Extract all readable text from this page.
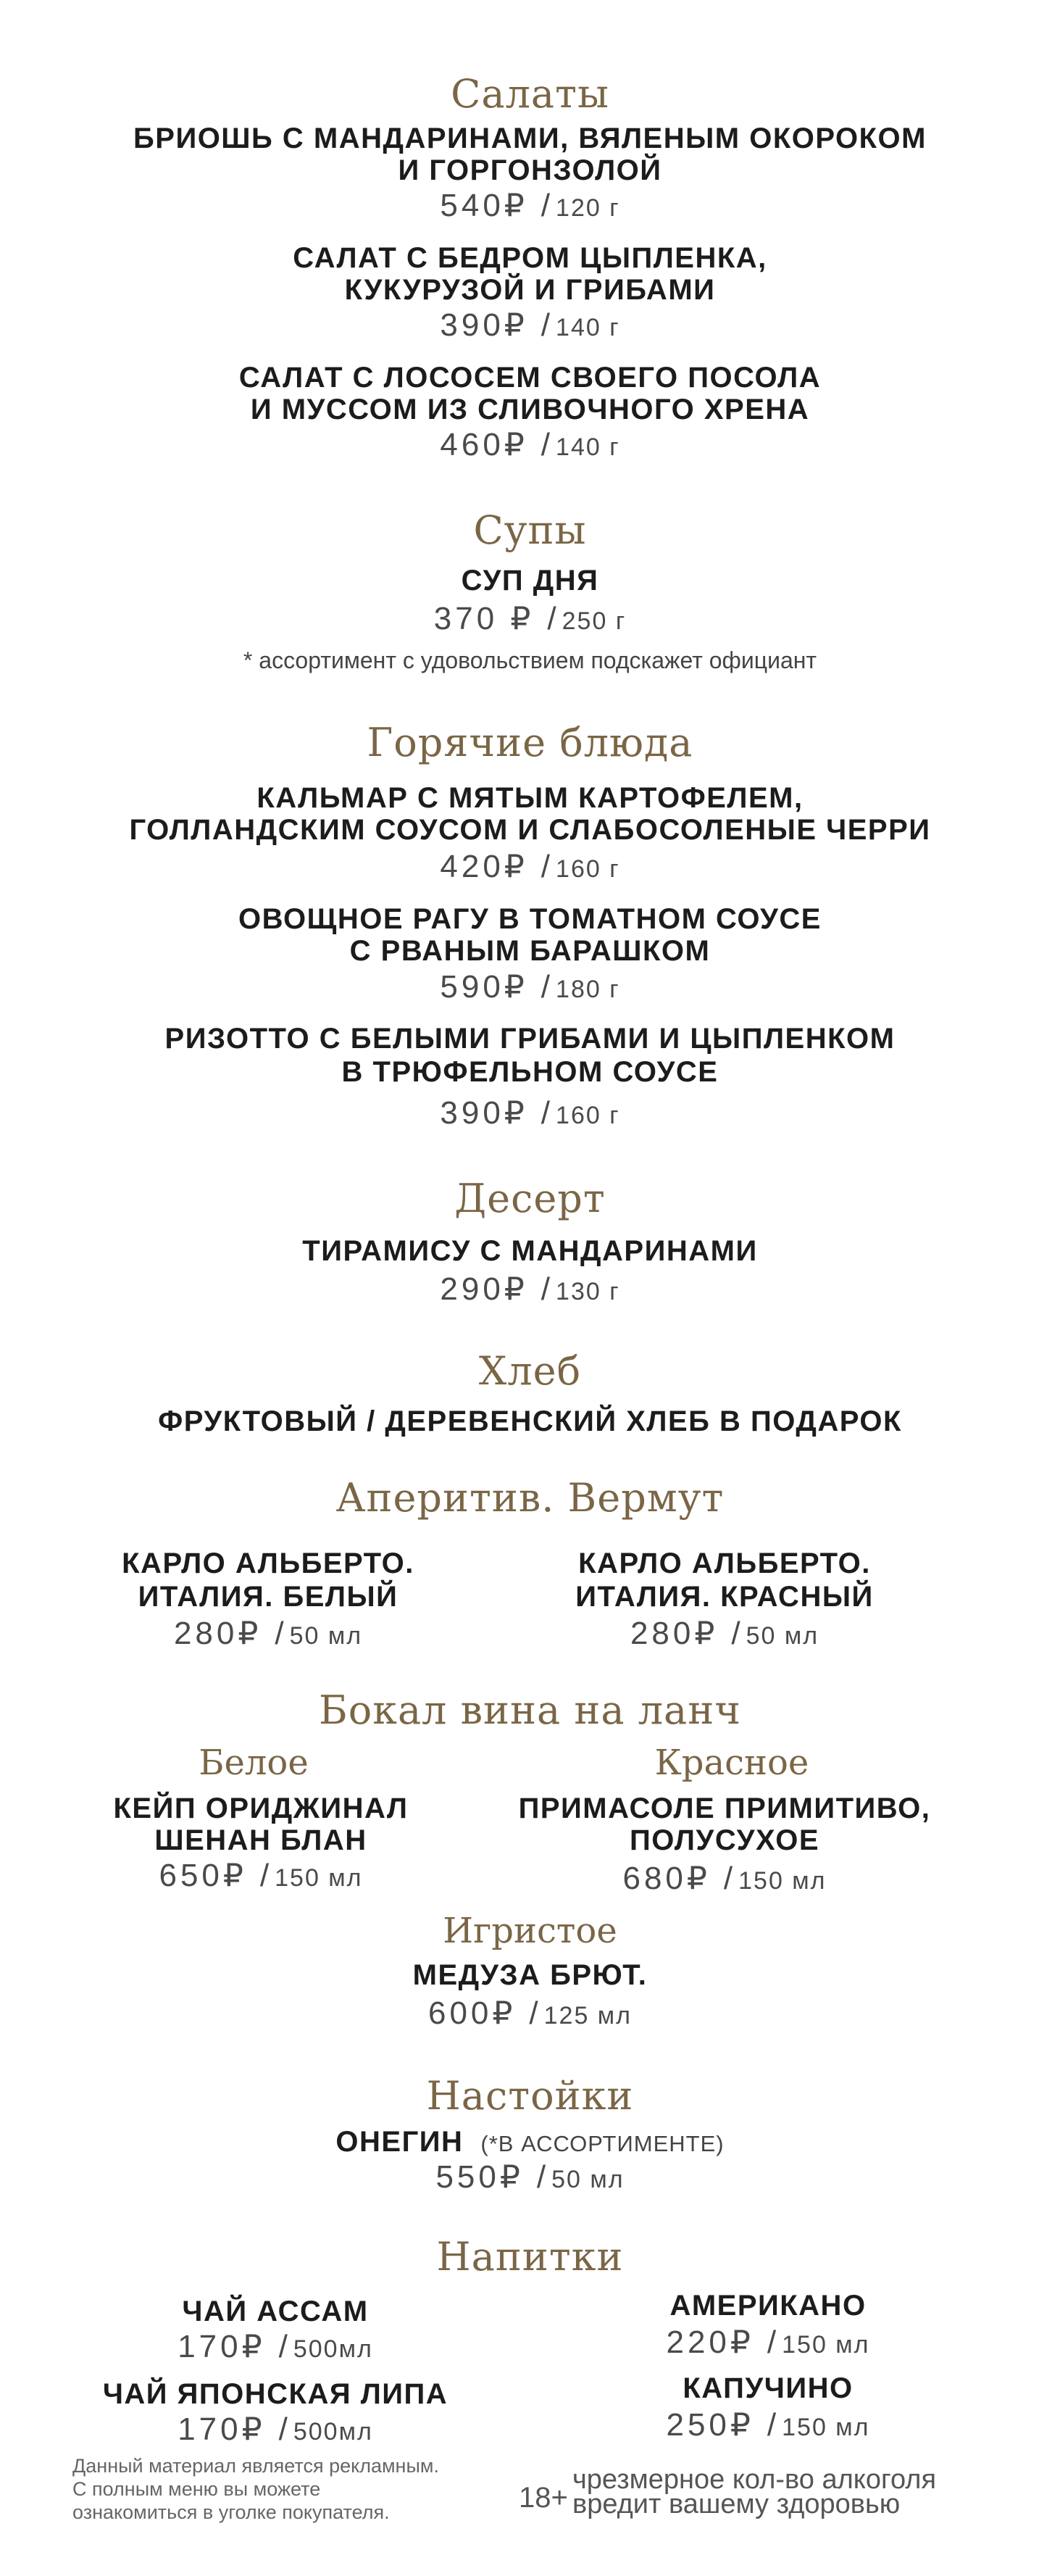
Салаты
БРИОШЬ С МАНДАРИНАМИ, ВЯЛЕНЫМ ОКОРОКОМ
И ГОРГОНЗОЛОЙ
540₽ / 120 г
САЛАТ С БЕДРОМ ЦЫПЛЕНКА,
КУКУРУЗОЙ И ГРИБАМИ
390₽ / 140 г
САЛАТ С ЛОСОСЕМ СВОЕГО ПОСОЛА
И МУССОМ ИЗ СЛИВОЧНОГО ХРЕНА
460₽ / 140 г
Супы
СУП ДНЯ
370 ₽ / 250 г
* ассортимент с удовольствием подскажет официант
Горячие блюда
КАЛЬМАР С МЯТЫМ КАРТОФЕЛЕМ,
ГОЛЛАНДСКИМ СОУСОМ И СЛАБОСОЛЕНЫЕ ЧЕРРИ
420₽ / 160 г
ОВОЩНОЕ РАГУ В ТОМАТНОМ СОУСЕ
С РВАНЫМ БАРАШКОМ
590₽ / 180 г
РИЗОТТО С БЕЛЫМИ ГРИБАМИ И ЦЫПЛЕНКОМ
В ТРЮФЕЛЬНОМ СОУСЕ
390₽ / 160 г
Десерт
ТИРАМИСУ С МАНДАРИНАМИ
290₽ / 130 г
Хлеб
ФРУКТОВЫЙ / ДЕРЕВЕНСКИЙ ХЛЕБ В ПОДАРОК
Аперитив. Вермут
КАРЛО АЛЬБЕРТО.
ИТАЛИЯ. БЕЛЫЙ
280₽ / 50 мл
КАРЛО АЛЬБЕРТО.
ИТАЛИЯ. КРАСНЫЙ
280₽ / 50 мл
Бокал вина на ланч
Белое
КЕЙП ОРИДЖИНАЛ
ШЕНАН БЛАН
650₽ / 150 мл
Красное
ПРИМАСОЛЕ ПРИМИТИВО,
ПОЛУСУХОЕ
680₽ / 150 мл
Игристое
МЕДУЗА БРЮТ.
600₽ / 125 мл
Настойки
ОНЕГИН (*В АССОРТИМЕНТЕ)
550₽ / 50 мл
Напитки
ЧАЙ АССАМ
170₽ / 500мл
АМЕРИКАНО
220₽ / 150 мл
ЧАЙ ЯПОНСКАЯ ЛИПА
170₽ / 500мл
КАПУЧИНО
250₽ / 150 мл
Данный материал является рекламным.
С полным меню вы можете
ознакомиться в уголке покупателя.	18+
чрезмерное кол-во алкоголя
вредит вашему здоровью
